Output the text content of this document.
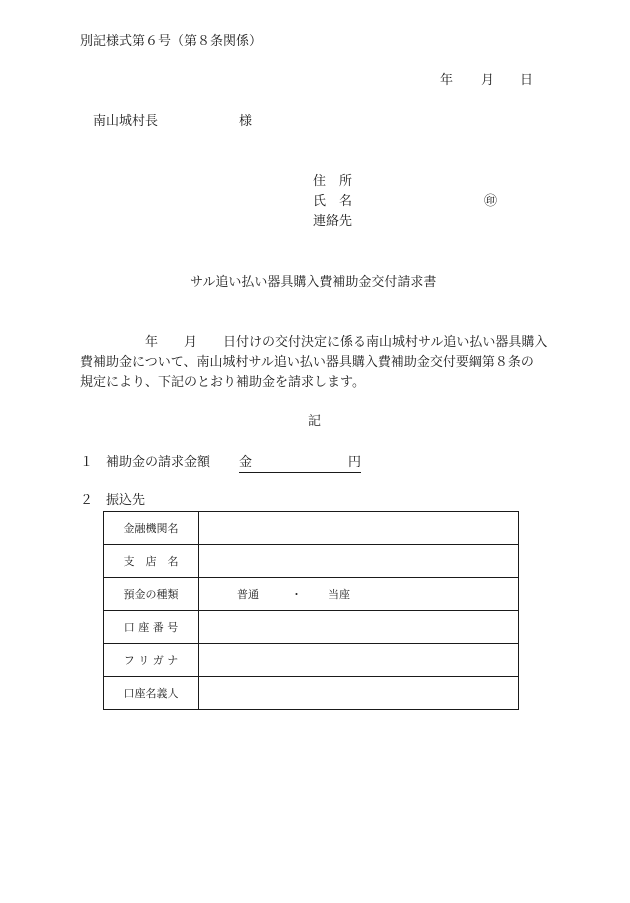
別記様式第６号（第８条関係）
年 月 日
南山城村長	様
住　所
氏　名	㊞
連絡先
サル追い払い器具購入費補助金交付請求書

　　　　　年　　月　　日付けの交付決定に係る南山城村サル追い払い器具購入

費補助金について、南山城村サル追い払い器具購入費補助金交付要綱第８条の

規定により、下記のとおり補助金を請求します。

記
１ 補助金の請求金額 金	円
２ 振込先
金融機関名	
支　店　名	
預金の種類	普通 ・ 当座
口 座 番 号	
フ リ ガ ナ	
口座名義人	
